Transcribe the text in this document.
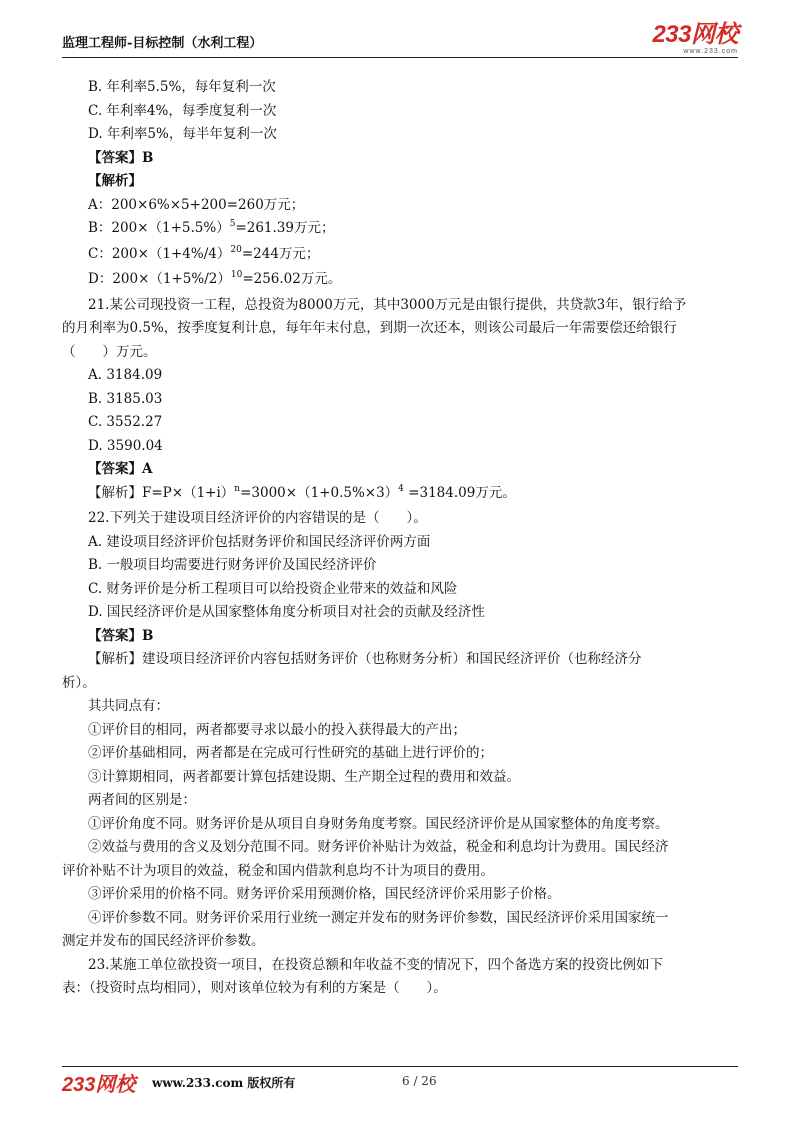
监理工程师-目标控制（水利工程）	233网校
www.233.com
B. 年利率5.5%，每年复利一次
C. 年利率4%，每季度复利一次
D. 年利率5%，每半年复利一次
【答案】B
【解析】
A：200×6%×5+200=260万元；
B：$200\times(1+5.5\%)^5=261.39$万元；
C：$200\times(1+4\%/4)^{20}=244$万元；
D：$200\times(1+5\%/2)^{10}=256.02$万元。
21.某公司现投资一工程，总投资为8000万元，其中3000万元是由银行提供，共贷款3年，银行给予
的月利率为0.5%，按季度复利计息，每年年末付息，到期一次还本，则该公司最后一年需要偿还给银行
（　　）万元。
A. 3184.09
B. 3185.03
C. 3552.27
D. 3590.04
【答案】A
【解析】$F=P\times(1+i)^n=3000\times(1+0.5\%\times 3)^4 =3184.09$万元。
22.下列关于建设项目经济评价的内容错误的是（　　）。
A. 建设项目经济评价包括财务评价和国民经济评价两方面
B. 一般项目均需要进行财务评价及国民经济评价
C. 财务评价是分析工程项目可以给投资企业带来的效益和风险
D. 国民经济评价是从国家整体角度分析项目对社会的贡献及经济性
【答案】B
【解析】建设项目经济评价内容包括财务评价（也称财务分析）和国民经济评价（也称经济分
析）。
其共同点有：
①评价目的相同，两者都要寻求以最小的投入获得最大的产出；
②评价基础相同，两者都是在完成可行性研究的基础上进行评价的；
③计算期相同，两者都要计算包括建设期、生产期全过程的费用和效益。
两者间的区别是：
①评价角度不同。财务评价是从项目自身财务角度考察。国民经济评价是从国家整体的角度考察。
②效益与费用的含义及划分范围不同。财务评价补贴计为效益，税金和利息均计为费用。国民经济
评价补贴不计为项目的效益，税金和国内借款利息均不计为项目的费用。
③评价采用的价格不同。财务评价采用预测价格，国民经济评价采用影子价格。
④评价参数不同。财务评价采用行业统一测定并发布的财务评价参数，国民经济评价采用国家统一
测定并发布的国民经济评价参数。
23.某施工单位欲投资一项目，在投资总额和年收益不变的情况下，四个备选方案的投资比例如下
表：（投资时点均相同），则对该单位较为有利的方案是（　　）。
233网校 www.233.com 版权所有	6 / 26
